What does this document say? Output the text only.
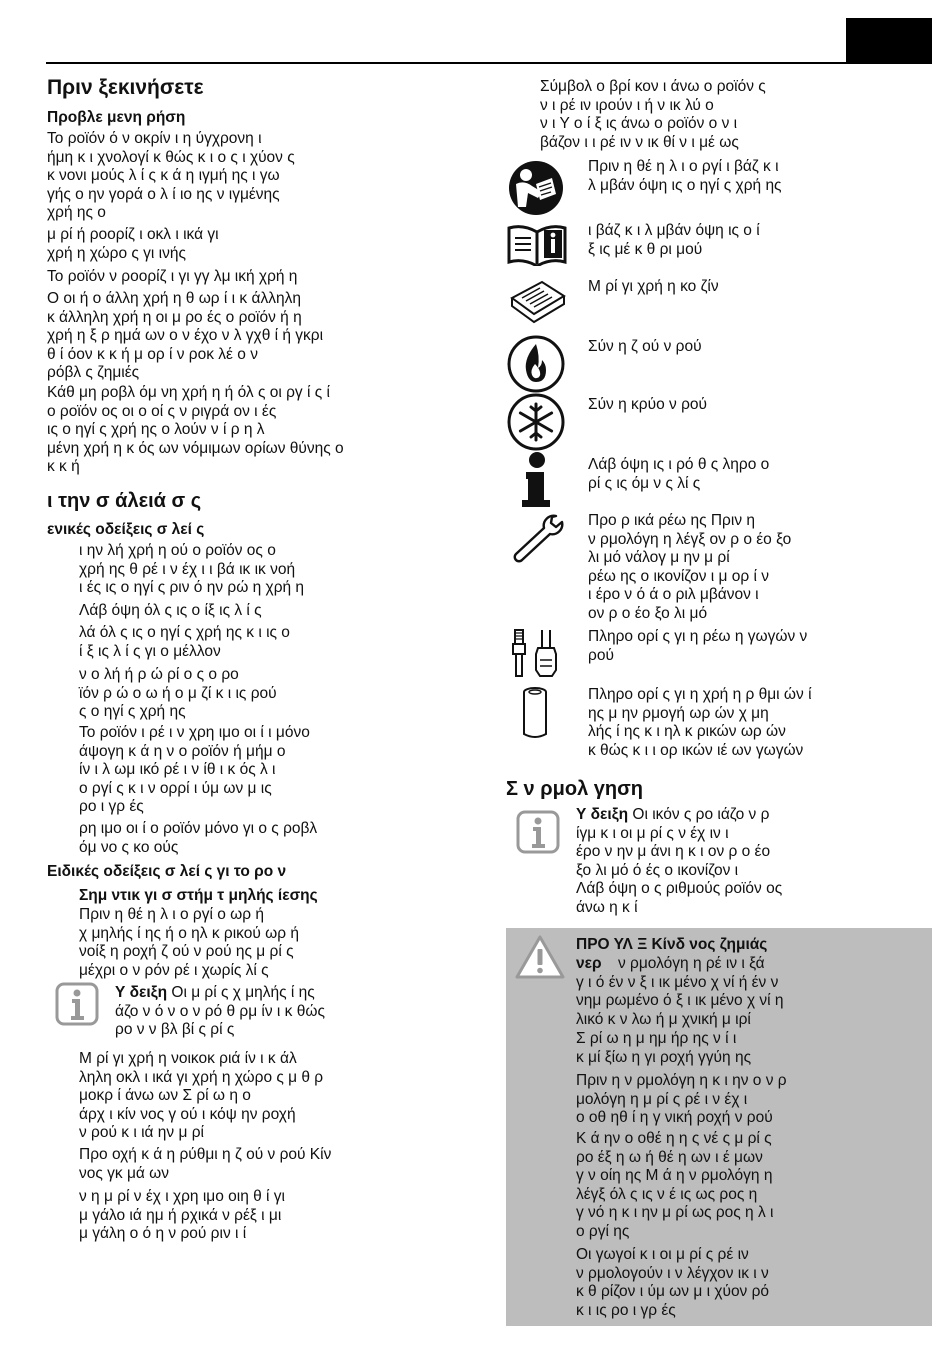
Πριν ξεκινήσετε
Προβλε μενη ρήση

Το ροϊόν ό ν οκρίν ι η ύγχρονη ι
ήμη κ ι χνολογί κ θώς κ ι ο ς ι χύον ς
κ νονι μούς λ ί ς κ ά η ιγμή ης ι γω
γής ο ην γορά ο λ ί ιο ης ν ιγμένης
χρή ης ο

μ ρί ή ροορίζ ι οκλ ι ικά γι
χρή η χώρο ς γι ινής

Το ροϊόν ν ροορίζ ι γι γγ λμ ική χρή η

Ο οι ή ο άλλη χρή η θ ωρ ί ι κ άλληλη
κ άλληλη χρή η οι μ ρο ές ο ροϊόν ή η
χρή η ξ ρ ημά ων ο ν έχο ν λ γχθ ί ή γκρι
θ ί όον κ κ ή μ ορ ί ν ροκ λέ ο ν
ρόβλ ς ζημιές

Κάθ μη ροβλ όμ νη χρή η ή όλ ς οι ργ ί ς ί
ο ροϊόν ος οι ο οί ς ν ριγρά ον ι ές
ις ο ηγί ς χρή ης ο λούν ν ί ρ η λ
μένη χρή η κ ός ων νόμιμων ορίων θύνης ο
κ κ ή

ι την σ άλειά σ ς
ενικές οδείξεις σ λεί ς

ι ην λή χρή η ού ο ροϊόν ος ο
χρή ης θ ρέ ι ν έχ ι ι βά ικ ικ νοή
ι ές ις ο ηγί ς ριν ό ην ρώ η χρή η

Λάβ όψη όλ ς ις ο ίξ ις λ ί ς

λά όλ ς ις ο ηγί ς χρή ης κ ι ις ο
ί ξ ις λ ί ς γι ο μέλλον

ν ο λή ή ρ ώ ρί ο ς ο ρο
ϊόν ρ ώ ο ω ή ο μ ζί κ ι ις ρού
ς ο ηγί ς χρή ης

Το ροϊόν ι ρέ ι ν χρη ιμο οι ί ι μόνο
άψογη κ ά η ν ο ροϊόν ή μήμ ο
ίν ι λ ωμ ικό ρέ ι ν ίθ ι κ ός λ ι
ο ργί ς κ ι ν ορρί ι ύμ ων μ ις
ρο ι γρ ές

ρη ιμο οι ί ο ροϊόν μόνο γι ο ς ροβλ
όμ νο ς κο ούς

Ειδικές οδείξεις σ λεί ς γι το ρο ν
Σημ ντικ γι σ στήμ τ μηλής ίεσης

Πριν η θέ η λ ι ο ργί ο ωρ ή
χ μηλής ί ης ή ο ηλ κ ρικού ωρ ή
νοίξ η ροχή ζ ού ν ρού ης μ ρί ς
μέχρι ο ν ρόν ρέ ι χωρίς λί ς

Υ δειξη Οι μ ρί ς χ μηλής ί ης
άζο ν ό ν ο ν ρό θ ρμ ίν ι κ θώς
ρο ν ν βλ βί ς ρί ς

Μ ρί γι χρή η νοικοκ ριά ίν ι κ άλ
ληλη οκλ ι ικά γι χρή η χώρο ς μ θ ρ
μοκρ ί άνω ων Σ ρί ω η ο
άρχ ι κίν νος γ ού ι κόψ ην ροχή
ν ρού κ ι ιά ην μ ρί

Προ οχή κ ά η ρύθμι η ζ ού ν ρού Κίν
νος γκ μά ων

ν η μ ρί ν έχ ι χρη ιμο οιη θ ί γι
μ γάλο ιά ημ ή ρχικά ν ρέξ ι μι
μ γάλη ο ό η ν ρού ριν ι ί

Σύμβολ ο βρί κον ι άνω ο ροϊόν ς
ν ι ρέ ιν ιρούν ι ή ν ικ λύ ο
ν ι Υ ο ί ξ ις άνω ο ροϊόν ο ν ι
βάζον ι ι ρέ ιν ν ικ θί ν ι μέ ως

Πριν η θέ η λ ι ο ργί ι βάζ κ ι
λ μβάν όψη ις ο ηγί ς χρή ης

ι βάζ κ ι λ μβάν όψη ις ο ί
ξ ις μέ κ θ ρι μού

Μ ρί γι χρή η κο ζίν

Σύν η ζ ού ν ρού

Σύν η κρύο ν ρού

Λάβ όψη ις ι ρό θ ς ληρο ο
ρί ς ις όμ ν ς λί ς

Προ ρ ικά ρέω ης Πριν η
ν ρμολόγη η λέγξ ον ρ ο έο ξο
λι μό νάλογ μ ην μ ρί
ρέω ης ο ικονίζον ι μ ορ ί ν
ι έρο ν ό ά ο ριλ μβάνον ι
ον ρ ο έο ξο λι μό

Πληρο ορί ς γι η ρέω η γωγών ν
ρού

Πληρο ορί ς γι η χρή η ρ θμι ών ί
ης μ ην ρμογή ωρ ών χ μη
λής ί ης κ ι ηλ κ ρικών ωρ ών
κ θώς κ ι ι ορ ικών ιέ ων γωγών

Σ ν ρμολ γηση

Υ δειξη Οι ικόν ς ρο ιάζο ν ρ
ίγμ κ ι οι μ ρί ς ν έχ ιν ι
έρο ν ην μ άνι η κ ι ον ρ ο έο
ξο λι μό ό ές ο ικονίζον ι
Λάβ όψη ο ς ριθμούς ροϊόν ος
άνω η κ ί

ΠΡΟ ΥΛ Ξ Κίνδ νος ζημιάς

νερ	ν ρμολόγη η ρέ ιν ι ξά
γ ι ό έν ν ξ ι ικ μένο χ νί ή έν ν
νημ ρωμένο ό ξ ι ικ μένο χ νί η
λικό κ ν λω ή μ χνική μ ιρί

Σ ρί ω η μ ημ ήρ ης ν ί ι
κ μί ξίω η γι ροχή γγύη ης

Πριν η ν ρμολόγη η κ ι ην ο ν ρ
μολόγη η μ ρί ς ρέ ι ν έχ ι
ο οθ ηθ ί η γ νική ροχή ν ρού

Κ ά ην ο οθέ η η ς νέ ς μ ρί ς
ρο έξ η ω ή θέ η ων ι έ μων
γ ν οίη ης Μ ά η ν ρμολόγη η
λέγξ όλ ς ις ν έ ις ως ρος η
γ νό η κ ι ην μ ρί ως ρος η λ ι
ο ργί ης

Οι γωγοί κ ι οι μ ρί ς ρέ ιν
ν ρμολογούν ι ν λέγχον ικ ι ν
κ θ ρίζον ι ύμ ων μ ι χύον ρό
κ ι ις ρο ι γρ ές
